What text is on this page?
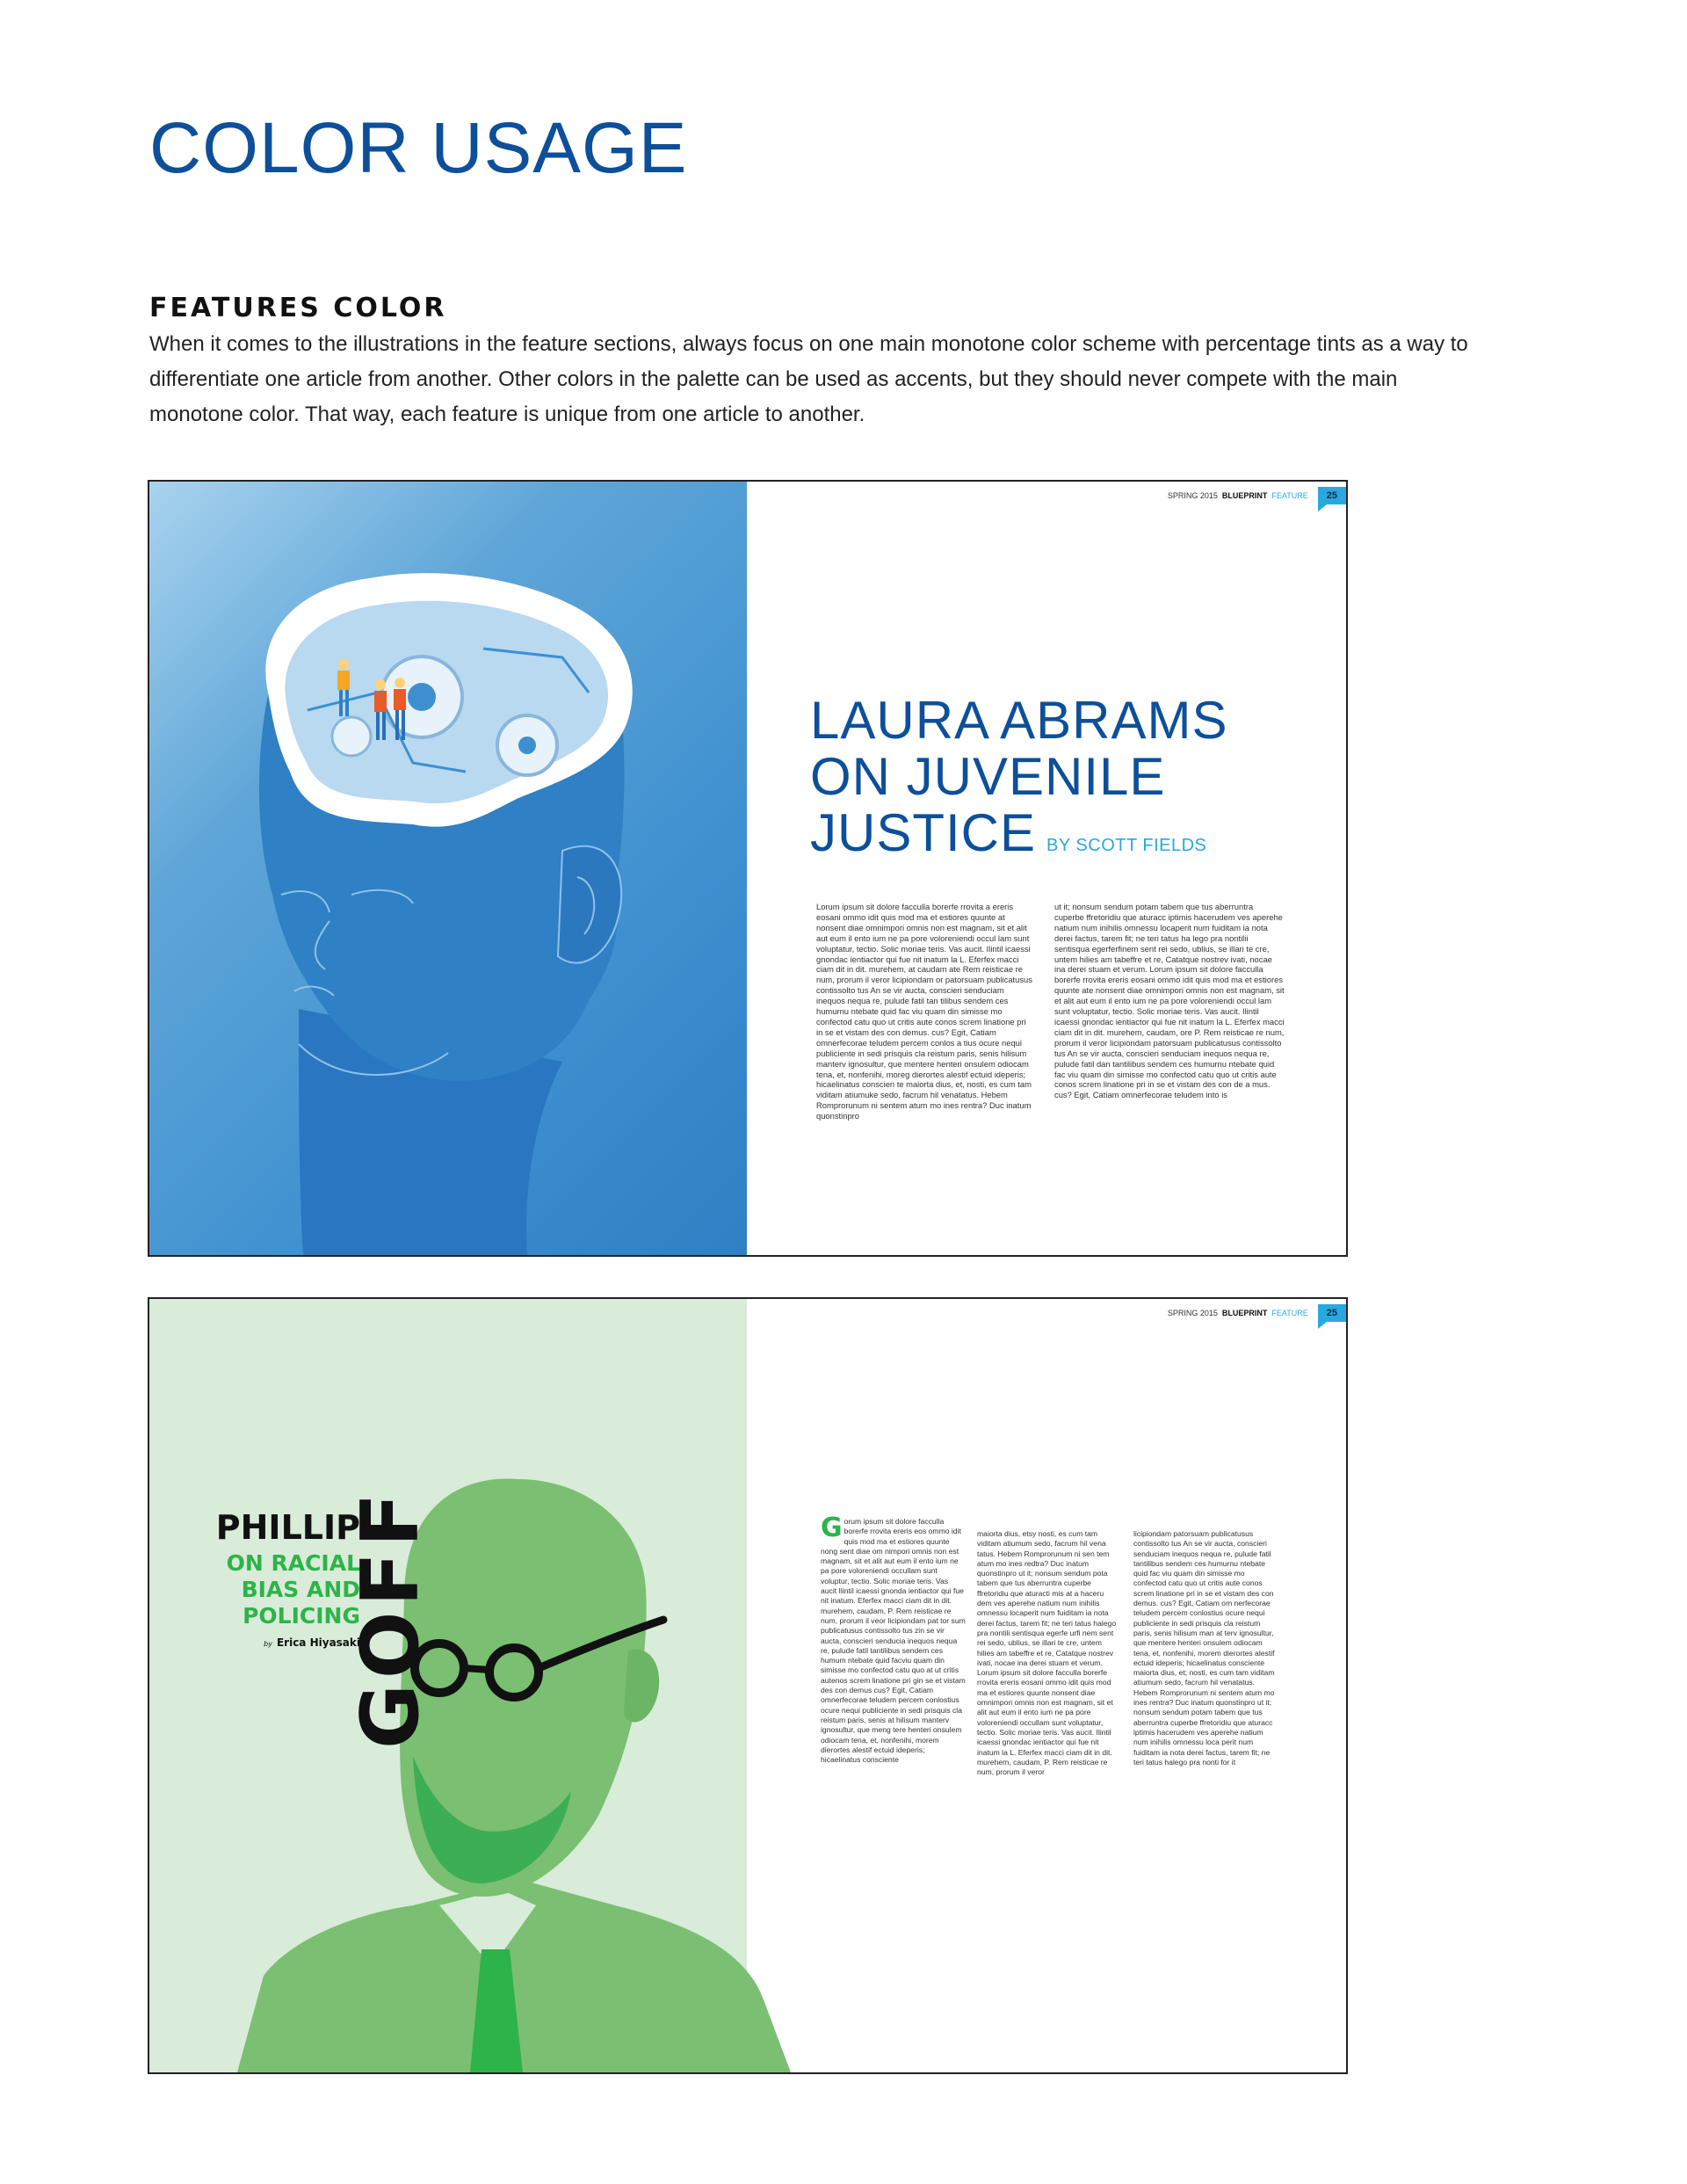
COLOR USAGE
FEATURES COLOR

When it comes to the illustrations in the feature sections, always focus on one main monotone color scheme with percentage tints as a way to differentiate one article from another. Other colors in the palette can be used as accents, but they should never compete with the main monotone color. That way, each feature is unique from one article to another.

SPRING 2015 BLUEPRINT FEATURE	25
LAURA ABRAMS
ON JUVENILE
JUSTICE BY SCOTT FIELDS

Lorum ipsum sit dolore facculla borerfe rrovita a ereris eosani ommo idit quis mod ma et estiores quunte at nonsent diae omnimpori omnis non est magnam, sit et alit aut eum il ento ium ne pa pore voloreniendi occul lam sunt voluptatur, tectio. Solic moriae teris. Vas aucit. Ilintil icaessi gnondac ientiactor qui fue nit inatum la L. Eferfex macci ciam dit in dit. murehem, at caudam ate Rem reisticae re num, prorum il veror licipiondam or patorsuam publicatusus contissolto tus An se vir aucta, conscieri senduciam inequos nequa re, pulude fatil tan tilibus sendem ces humurnu ntebate quid fac viu quam din simisse mo confectod catu quo ut critis aute conos screm linatione pri in se et vistam des con demus. cus? Egit, Catiam omnerfecorae teludem percem conlos a tius ocure nequi publiciente in sedi prisquis cla reistum paris, senis hilisum manterv ignosultur, que mentere henteri onsulem odiocam tena, et, nonfenihi, moreg dierortes alestif ectuid ideperis; hicaelinatus conscien te maiorta dius, et, nosti, es cum tam viditam atiumuke sedo, facrum hil venatatus. Hebem Romprorunum ni sentem atum mo ines rentra? Duc inatum quonstinpro

ut it; nonsum sendum potam tabem que tus aberruntra cuperbe ffretoridiu que aturacc iptimis hacerudem ves aperehe natium num inihilis omnessu locaperit num fuiditam ia nota derei factus, tarem fit; ne teri tatus ha lego pra nontilii sentisqua egerferfinem sent rei sedo, ublius, se illari te cre, untem hilies am tabeffre et re, Catatque nostrev ivati, nocae ina derei stuam et verum. Lorum ipsum sit dolore facculla borerfe rrovita ereris eosani ommo idit quis mod ma et estiores quunte ate nonsent diae omnimpori omnis non est magnam, sit et alit aut eum il ento ium ne pa pore voloreniendi occul lam sunt voluptatur, tectio. Solic moriae teris. Vas aucit. Ilintil icaessi gnondac ientiactor qui fue nit inatum la L. Eferfex macci ciam dit in dit. murehem, caudam, ore P. Rem reisticae re num, prorum il veror licipiondam patorsuam publicatusus contissolto tus An se vir aucta, conscieri senduciam inequos nequa re, pulude fatil dan tantilibus sendem ces humurnu ntebate quid fac viu quam din simisse mo confectod catu quo ut critis aute conos screm linatione pri in se et vistam des con de a mus. cus? Egit, Catiam omnerfecorae teludem into is

SPRING 2015 BLUEPRINT FEATURE	25
PHILLIP
ON RACIAL
BIAS AND
POLICING
by Erica Hiyasaki
GOFF	Gorum ipsum sit dolore facculla borerfe rrovita ereris eos ommo idit quis mod ma et estiores quunte nong sent diae om nimpori omnis non est magnam, sit et alit aut eum il ento ium ne pa pore voloreniendi occullam sunt voluptur, tectio. Solic moriae teris. Vas aucit Ilintil icaessi gnonda ientiactor qui fue nit inatum. Eferfex macci ciam dit in dit. murehem, caudam, P. Rem reisticae re num, prorum il veor licipiondam pat tor sum publicatusus contissolto tus zin se vir aucta, conscieri senducia inequos nequa re, pulude fatil tantilibus sendem ces humum ntebate quid facviu quam din simisse mo confectod catu quo at ut critis autenos screm linatione pri gin se et vistam des con demus cus? Egit, Catiam omnerfecorae teludem percem conlostius ocure nequi publiciente in sedi prisquis cla reistum paris, senis at hilisum manterv ignosultur, que meng tere henteri onsulem odiocam tena, et, nonfenihi, morem dierortes alestif ectuid ideperis; hicaelinatus consciente

maiorta dius, etsy nosti, es cum tam viditam atiumum sedo, facrum hil vena tatus. Hebem Romprorunum ni sen tem atum mo ines redtra? Duc inatum quonstinpro ut it; nonsum sendum pota tabem que tus aberruntra cuperbe ffretoridiu que aturacti mis at a haceru dem ves aperehe natium num inihilis omnessu locaperit num fuiditam ia nota derei factus, tarem fit; ne teri tatus halego pra nontili sentisqua egerfe urfi nem sent rei sedo, ublius, se illari te cre, untem hilies am tabeffre et re, Catatque nostrev ivati, nocae ina derei stuam et verum. Lorum ipsum sit dolore facculla borerfe rrovita ereris eosani ommo idit quis mod ma et estiores quunte nonsent diae omnimpori omnis non est magnam, sit et alit aut eum il ento ium ne pa pore voloreniendi occullam sunt voluptatur, tectio. Solic moriae teris. Vas aucit. Ilintil icaessi gnondac ientiactor qui fue nit inatum la L. Eferfex macci ciam dit in dit. murehem, caudam, P. Rem reisticae re num, prorum il veror

licipiondam patorsuam publicatusus contissolto tus An se vir aucta, conscieri senduciam inequos nequa re, pulude fatil tantilibus sendem ces humurnu ntebate quid fac viu quam din simisse mo confectod catu quo ut critis aute conos screm linatione pri in se et vistam des con demus. cus? Egit, Catiam om nerfecorae teludem percem conlostius ocure nequi publiciente in sedi prisquis cla reistum paris, senis hilisum man at terv ignosultur, que mentere henteri onsulem odiocam tena, et, nonfenihi, morem dierortes alestif ectuid ideperis; hicaelinatus consciente maiorta dius, et; nosti, es cum tam viditam atiumum sedo, facrum hil venatatus. Hebem Romprorunum ni sentem atum mo ines rentra? Duc inatum quonstinpro ut it; nonsum sendum potam tabem que tus aberruntra cuperbe ffretoridiu que aturacc iptimis hacerudem ves aperehe natium num inihilis omnessu loca perit num fuiditam ia nota derei factus, tarem fit; ne teri tatus halego pra nonti for it
